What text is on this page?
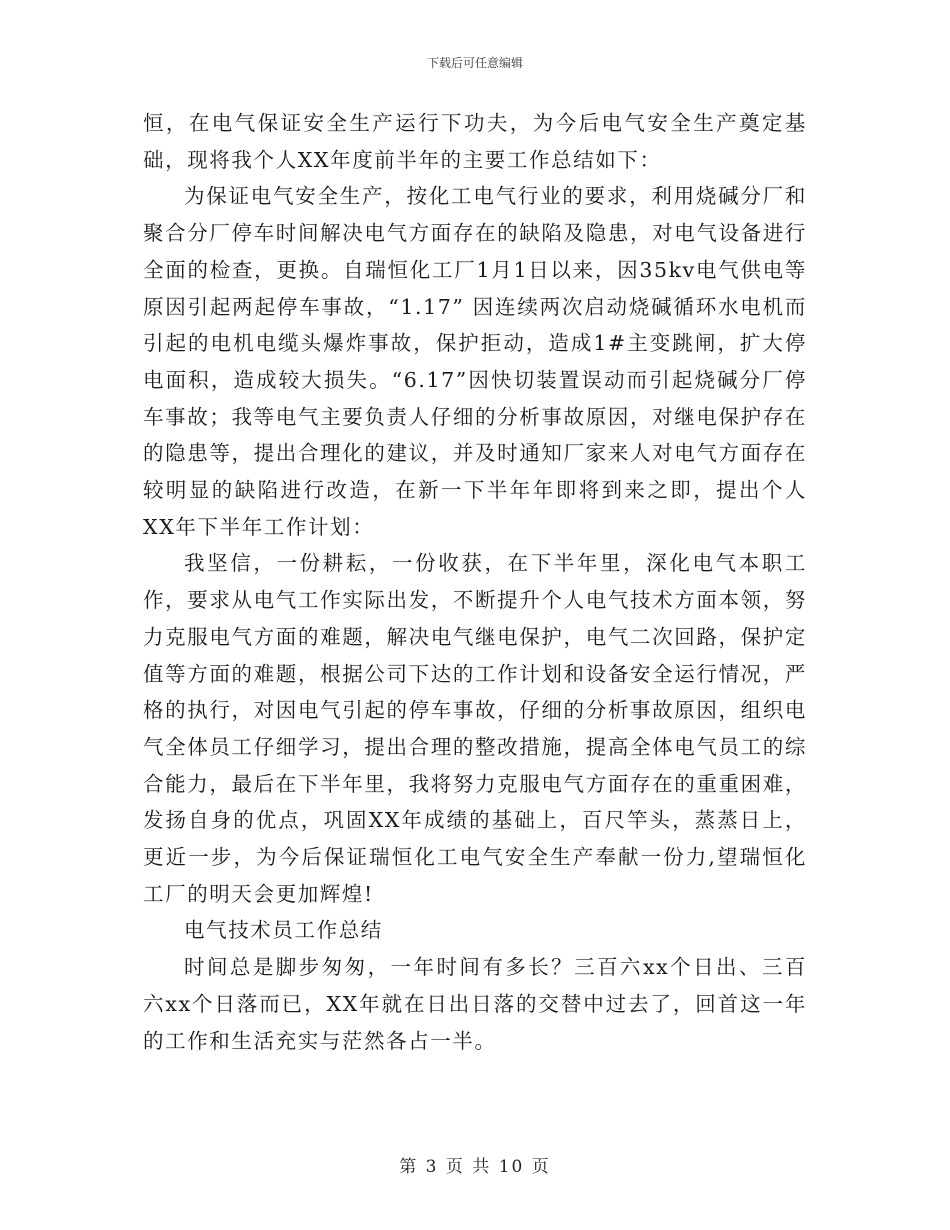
下载后可任意编辑

恒，在电气保证安全生产运行下功夫，为今后电气安全生产奠定基础，现将我个人XX年度前半年的主要工作总结如下：

为保证电气安全生产，按化工电气行业的要求，利用烧碱分厂和聚合分厂停车时间解决电气方面存在的缺陷及隐患，对电气设备进行全面的检查，更换。自瑞恒化工厂1月1日以来，因35kv电气供电等原因引起两起停车事故，“1.17” 因连续两次启动烧碱循环水电机而引起的电机电缆头爆炸事故，保护拒动，造成1#主变跳闸，扩大停电面积，造成较大损失。“6.17”因快切装置误动而引起烧碱分厂停车事故；我等电气主要负责人仔细的分析事故原因，对继电保护存在的隐患等，提出合理化的建议，并及时通知厂家来人对电气方面存在较明显的缺陷进行改造，在新一下半年年即将到来之即，提出个人XX年下半年工作计划：

我坚信，一份耕耘，一份收获，在下半年里，深化电气本职工作，要求从电气工作实际出发，不断提升个人电气技术方面本领，努力克服电气方面的难题，解决电气继电保护，电气二次回路，保护定值等方面的难题，根据公司下达的工作计划和设备安全运行情况，严格的执行，对因电气引起的停车事故，仔细的分析事故原因，组织电气全体员工仔细学习，提出合理的整改措施，提高全体电气员工的综合能力，最后在下半年里，我将努力克服电气方面存在的重重困难，发扬自身的优点，巩固XX年成绩的基础上，百尺竿头，蒸蒸日上，更近一步，为今后保证瑞恒化工电气安全生产奉献一份力,望瑞恒化工厂的明天会更加辉煌!

电气技术员工作总结

时间总是脚步匆匆，一年时间有多长？三百六xx个日出、三百六xx个日落而已，XX年就在日出日落的交替中过去了，回首这一年的工作和生活充实与茫然各占一半。

第 3 页 共 10 页
